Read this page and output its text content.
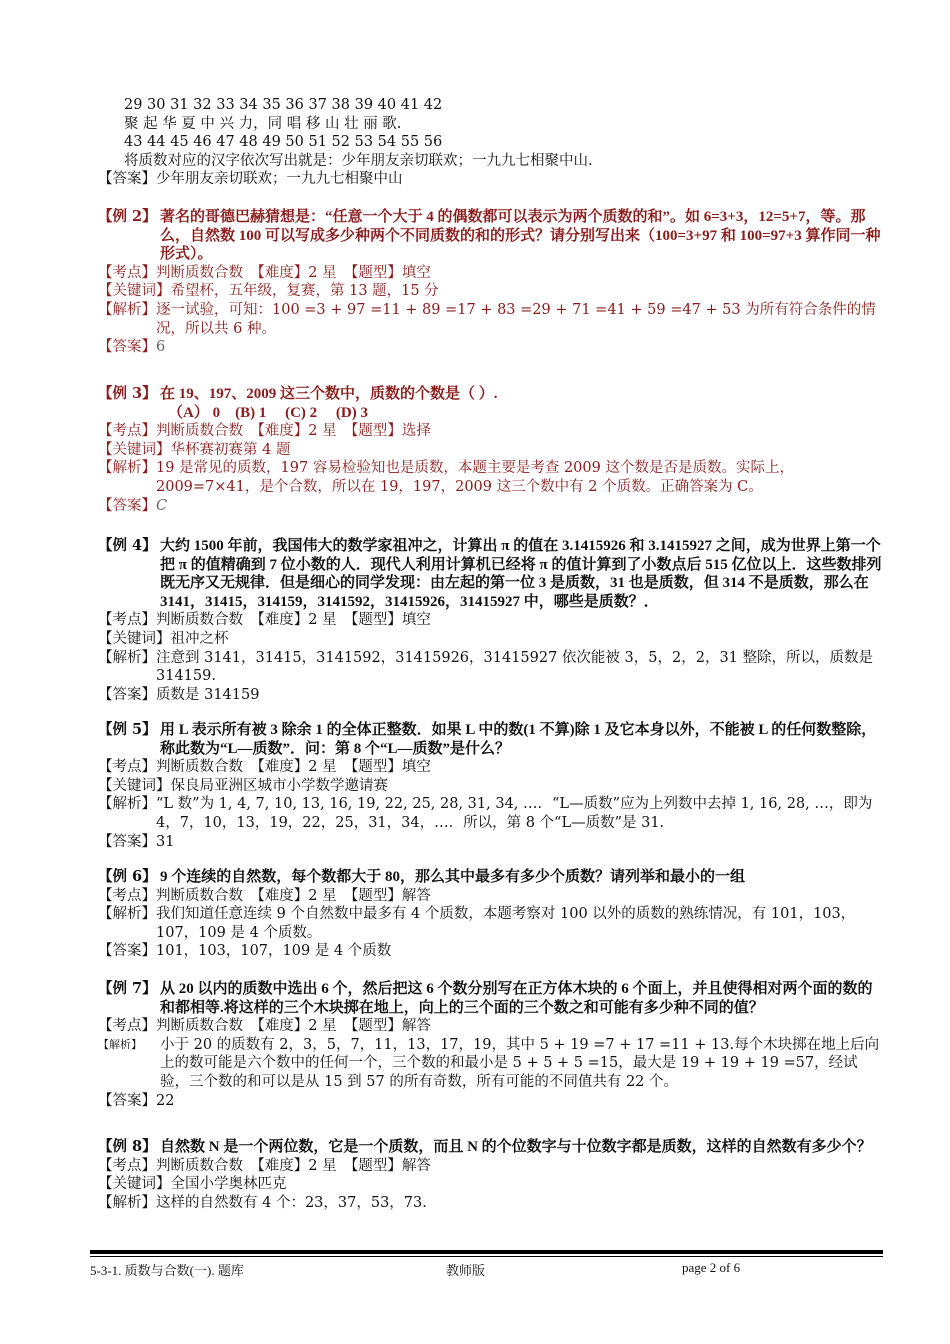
29 30 31 32 33 34 35 36 37 38 39 40 41 42
聚 起 华 夏 中 兴 力，同 唱 移 山 壮 丽 歌.
43 44 45 46 47 48 49 50 51 52 53 54 55 56
将质数对应的汉字依次写出就是：少年朋友亲切联欢；一九九七相聚中山.
【答案】 少年朋友亲切联欢；一九九七相聚中山
【例 2】 著名的哥德巴赫猜想是：“任意一个大于 4 的偶数都可以表示为两个质数的和”。如 6=3+3，12=5+7，等。那么，自然数 100 可以写成多少种两个不同质数的和的形式？请分别写出来（100=3+97 和 100=97+3 算作同一种形式）。
【考点】 判断质数合数　【难度】2 星　【题型】填空
【关键词】 希望杯，五年级，复赛，第 13 题，15 分
【解析】 逐一试验，可知：100 =3 + 97 =11 + 89 =17 + 83 =29 + 71 =41 + 59 =47 + 53 为所有符合条件的情况，所以共 6 种。
【答案】 6
【例 3】 在 19、197、2009 这三个数中，质数的个数是（ ）.
（A） 0　(B) 1　 (C) 2　 (D) 3
【考点】 判断质数合数　【难度】2 星　【题型】选择
【关键词】 华杯赛初赛第 4 题
【解析】 19 是常见的质数，197 容易检验知也是质数，本题主要是考查 2009 这个数是否是质数。实际上，2009=7×41，是个合数，所以在 19，197，2009 这三个数中有 2 个质数。正确答案为 C。
【答案】 C
【例 4】 大约 1500 年前，我国伟大的数学家祖冲之，计算出 π 的值在 3.1415926 和 3.1415927 之间，成为世界上第一个把 π 的值精确到 7 位小数的人．现代人利用计算机已经将 π 的值计算到了小数点后 515 亿位以上．这些数排列既无序又无规律．但是细心的同学发现：由左起的第一位 3 是质数，31 也是质数，但 314 不是质数，那么在 3141，31415，314159，3141592，31415926，31415927 中，哪些是质数？．
【考点】 判断质数合数　【难度】2 星　【题型】填空
【关键词】 祖冲之杯
【解析】 注意到 3141，31415，3141592，31415926，31415927 依次能被 3，5，2，2，31 整除，所以，质数是 314159.
【答案】 质数是 314159
【例 5】 用 L 表示所有被 3 除余 1 的全体正整数．如果 L 中的数(1 不算)除 1 及它本身以外，不能被 L 的任何数整除，称此数为“L—质数”．问：第 8 个“L—质数”是什么？
【考点】 判断质数合数　【难度】2 星　【题型】填空
【关键词】 保良局亚洲区城市小学数学邀请赛
【解析】 “L 数”为 1, 4, 7, 10, 13, 16, 19, 22, 25, 28, 31, 34, …．“L—质数”应为上列数中去掉 1, 16, 28, …，即为 4，7，10，13，19，22，25，31，34，…．所以，第 8 个“L—质数”是 31.
【答案】 31
【例 6】 9 个连续的自然数，每个数都大于 80，那么其中最多有多少个质数？请列举和最小的一组
【考点】 判断质数合数　【难度】2 星　【题型】解答
【解析】 我们知道任意连续 9 个自然数中最多有 4 个质数，本题考察对 100 以外的质数的熟练情况，有 101，103，107，109 是 4 个质数。
【答案】 101，103，107，109 是 4 个质数
【例 7】 从 20 以内的质数中选出 6 个，然后把这 6 个数分别写在正方体木块的 6 个面上，并且使得相对两个面的数的和都相等.将这样的三个木块掷在地上，向上的三个面的三个数之和可能有多少种不同的值？
【考点】 判断质数合数　【难度】2 星　【题型】解答
【解析】	小于 20 的质数有 2，3，5，7，11，13，17，19，其中 5 + 19 =7 + 17 =11 + 13.每个木块掷在地上后向上的数可能是六个数中的任何一个，三个数的和最小是 5 + 5 + 5 =15，最大是 19 + 19 + 19 =57，经试验，三个数的和可以是从 15 到 57 的所有奇数，所有可能的不同值共有 22 个。
【答案】 22
【例 8】 自然数 N 是一个两位数，它是一个质数，而且 N 的个位数字与十位数字都是质数，这样的自然数有多少个？
【考点】 判断质数合数　【难度】2 星　【题型】解答
【关键词】 全国小学奥林匹克
【解析】 这样的自然数有 4 个：23，37，53，73.
5-3-1. 质数与合数(一). 题库	教师版	page 2 of 6
